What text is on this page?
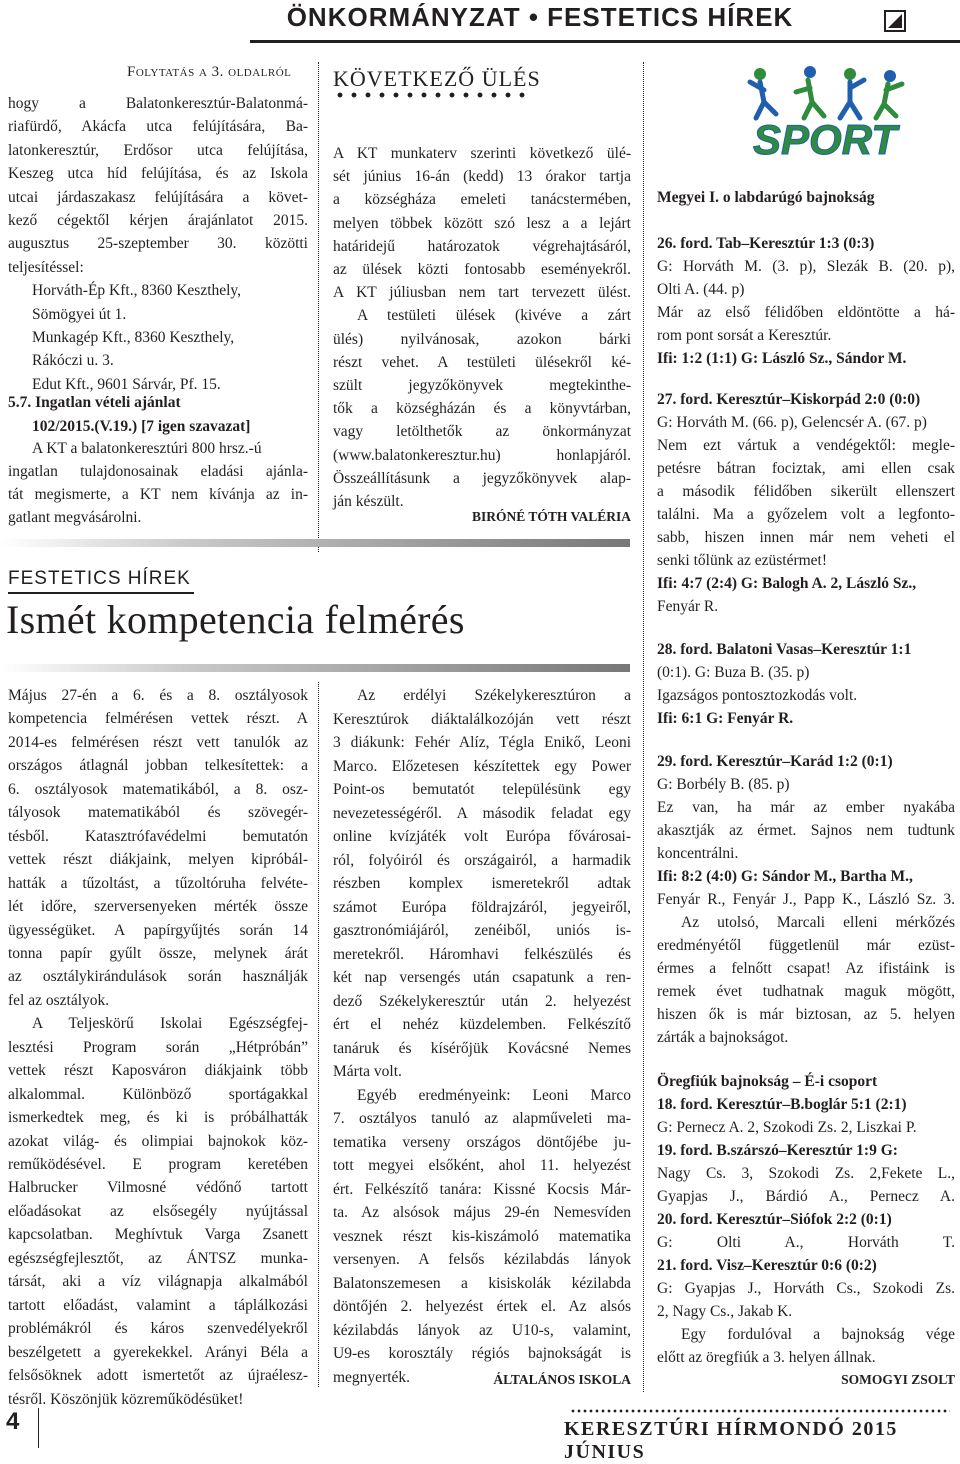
ÖNKORMÁNYZAT • FESTETICS HÍREK
Folytatás a 3. oldalról
hogy a Balatonkeresztúr-Balatonmá-
riafürdő, Akácfa utca felújítására, Ba-
latonkeresztúr, Erdősor utca felújítása,
Keszeg utca híd felújítása, és az Iskola
utcai járdaszakasz felújítására a követ-
kező cégektől kérjen árajánlatot 2015.
augusztus 25-szeptember 30. közötti
teljesítéssel:
Horváth-Ép Kft., 8360 Keszthely,
Sömögyei út 1.
Munkagép Kft., 8360 Keszthely,
Rákóczi u. 3.
Edut Kft., 9601 Sárvár, Pf. 15.
5.7. Ingatlan vételi ajánlat
102/2015.(V.19.) [7 igen szavazat]
A KT a balatonkeresztúri 800 hrsz.-ú
ingatlan tulajdonosainak eladási ajánla-
tát megismerte, a KT nem kívánja az in-
gatlant megvásárolni.
KÖVETKEZŐ ÜLÉS
A KT munkaterv szerinti következő ülé-
sét június 16-án (kedd) 13 órakor tartja
a községháza emeleti tanácstermében,
melyen többek között szó lesz a a lejárt
határidejű határozatok végrehajtásáról,
az ülések közti fontosabb eseményekről.
A KT júliusban nem tart tervezett ülést.
A testületi ülések (kivéve a zárt
ülés) nyilvánosak, azokon bárki
részt vehet. A testületi ülésekről ké-
szült jegyzőkönyvek megtekinthe-
tők a községházán és a könyvtárban,
vagy letölthetők az önkormányzat
(www.balatonkeresztur.hu) honlapjáról.
Összeállításunk a jegyzőkönyvek alap-
ján készült.
BIRÓNÉ TÓTH VALÉRIA
SPORT
Megyei I. o labdarúgó bajnokság
26. ford. Tab–Keresztúr 1:3 (0:3)
G: Horváth M. (3. p), Slezák B. (20. p),
Olti A. (44. p)
Már az első félidőben eldöntötte a há-
rom pont sorsát a Keresztúr.
Ifi: 1:2 (1:1) G: László Sz., Sándor M.
27. ford. Keresztúr–Kiskorpád 2:0 (0:0)
G: Horváth M. (66. p), Gelencsér A. (67. p)
Nem ezt vártuk a vendégektől: megle-
petésre bátran fociztak, ami ellen csak
a második félidőben sikerült ellenszert
találni. Ma a győzelem volt a legfonto-
sabb, hiszen innen már nem veheti el
senki tőlünk az ezüstérmet!
Ifi: 4:7 (2:4) G: Balogh A. 2, László Sz.,
Fenyár R.
28. ford. Balatoni Vasas–Keresztúr 1:1
(0:1). G: Buza B. (35. p)
Igazságos pontosztozkodás volt.
Ifi: 6:1 G: Fenyár R.
29. ford. Keresztúr–Karád 1:2 (0:1)
G: Borbély B. (85. p)
Ez van, ha már az ember nyakába
akasztják az érmet. Sajnos nem tudtunk
koncentrálni.
Ifi: 8:2 (4:0) G: Sándor M., Bartha M.,
Fenyár R., Fenyár J., Papp K., László Sz. 3.
Az utolsó, Marcali elleni mérkőzés
eredményétől függetlenül már ezüst-
érmes a felnőtt csapat! Az ifistáink is
remek évet tudhatnak maguk mögött,
hiszen ők is már biztosan, az 5. helyen
zárták a bajnokságot.
Öregfiúk bajnokság – É-i csoport
18. ford. Keresztúr–B.boglár 5:1 (2:1)
G: Pernecz A. 2, Szokodi Zs. 2, Liszkai P.
19. ford. B.szárszó–Keresztúr 1:9 G:
Nagy Cs. 3, Szokodi Zs. 2,Fekete L.,
Gyapjas J., Bárdió A., Pernecz A.
20. ford. Keresztúr–Siófok 2:2 (0:1)
G: Olti A., Horváth T.
21. ford. Visz–Keresztúr 0:6 (0:2)
G: Gyapjas J., Horváth Cs., Szokodi Zs.
2, Nagy Cs., Jakab K.
Egy fordulóval a bajnokság vége
előtt az öregfiúk a 3. helyen állnak.
SOMOGYI ZSOLT
FESTETICS HÍREK
Ismét kompetencia felmérés
Május 27-én a 6. és a 8. osztályosok
kompetencia felmérésen vettek részt. A
2014-es felmérésen részt vett tanulók az
országos átlagnál jobban telkesítettek: a
6. osztályosok matematikából, a 8. osz-
tályosok matematikából és szövegér-
tésből. Katasztrófavédelmi bemutatón
vettek részt diákjaink, melyen kipróbál-
hatták a tűzoltást, a tűzoltóruha felvéte-
lét időre, szerversenyeken mérték össze
ügyességüket. A papírgyűjtés során 14
tonna papír gyűlt össze, melynek árát
az osztálykirándulások során használják
fel az osztályok.
A Teljeskörű Iskolai Egészségfej-
lesztési Program során „Hétpróbán”
vettek részt Kaposváron diákjaink több
alkalommal. Különböző sportágakkal
ismerkedtek meg, és ki is próbálhatták
azokat világ- és olimpiai bajnokok köz-
reműködésével. E program keretében
Halbrucker Vilmosné védőnő tartott
előadásokat az elsősegély nyújtással
kapcsolatban. Meghívtuk Varga Zsanett
egészségfejlesztőt, az ÁNTSZ munka-
társát, aki a víz világnapja alkalmából
tartott előadást, valamint a táplálkozási
problémákról és káros szenvedélyekről
beszélgetett a gyerekekkel. Arányi Béla a
felsősöknek adott ismertetőt az újraélesz-
tésről. Köszönjük közreműködésüket!
Az erdélyi Székelykeresztúron a
Keresztúrok diáktalálkozóján vett részt
3 diákunk: Fehér Alíz, Tégla Enikő, Leoni
Marco. Előzetesen készítettek egy Power
Point-os bemutatót településünk egy
nevezetességéről. A második feladat egy
online kvízjáték volt Európa fővárosai-
ról, folyóiról és országairól, a harmadik
részben komplex ismeretekről adtak
számot Európa földrajzáról, jegyeiről,
gasztronómiájáról, zenéiből, uniós is-
meretekről. Háromhavi felkészülés és
két nap versengés után csapatunk a ren-
dező Székelykeresztúr után 2. helyezést
ért el nehéz küzdelemben. Felkészítő
tanáruk és kísérőjük Kovácsné Nemes
Márta volt.
Egyéb eredményeink: Leoni Marco
7. osztályos tanuló az alapműveleti ma-
tematika verseny országos döntőjébe ju-
tott megyei elsőként, ahol 11. helyezést
ért. Felkészítő tanára: Kissné Kocsis Már-
ta. Az alsósok május 29-én Nemesvíden
vesznek részt kis-kiszámoló matematika
versenyen. A felsős kézilabdás lányok
Balatonszemesen a kisiskolák kézilabda
döntőjén 2. helyezést értek el. Az alsós
kézilabdás lányok az U10-s, valamint,
U9-es korosztály régiós bajnokságát is
megnyerték.	ÁLTALÁNOS ISKOLA
4	KERESZTÚRI HÍRMONDÓ 2015 JÚNIUS
